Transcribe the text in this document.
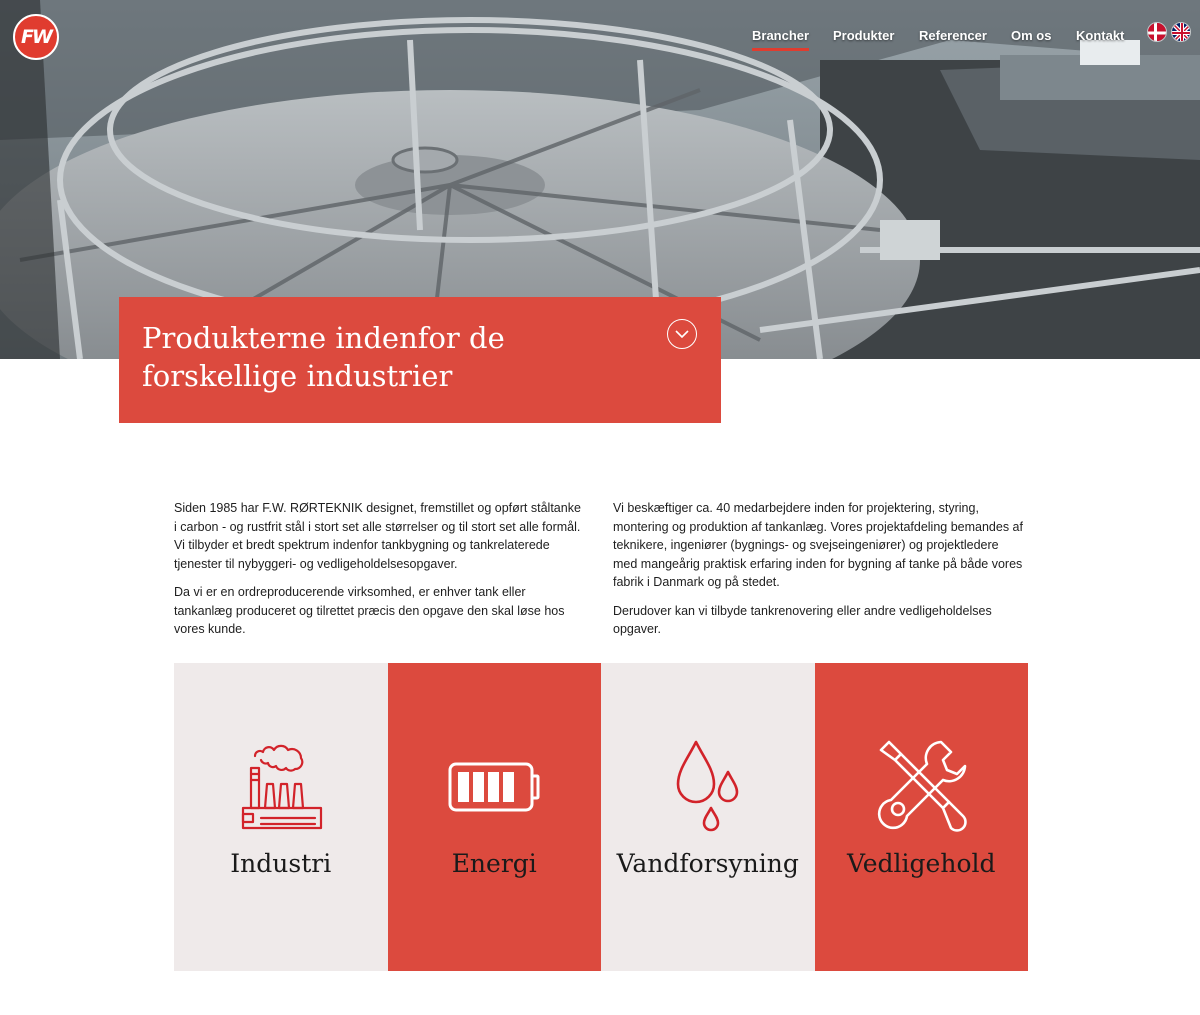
FW	Brancher Produkter Referencer Om os Kontakt
Produkterne indenfor de forskellige industrier

Siden 1985 har F.W. RØRTEKNIK designet, fremstillet og opført ståltanke i carbon - og rustfrit stål i stort set alle størrelser og til stort set alle formål. Vi tilbyder et bredt spektrum indenfor tankbygning og tankrelaterede tjenester til nybyggeri- og vedligeholdelsesopgaver.

Da vi er en ordreproducerende virksomhed, er enhver tank eller tankanlæg produceret og tilrettet præcis den opgave den skal løse hos vores kunde.

Vi beskæftiger ca. 40 medarbejdere inden for projektering, styring, montering og produktion af tankanlæg. Vores projektafdeling bemandes af teknikere, ingeniører (bygnings- og svejseingeniører) og projektledere med mangeårig praktisk erfaring inden for bygning af tanke på både vores fabrik i Danmark og på stedet.

Derudover kan vi tilbyde tankrenovering eller andre vedligeholdelses opgaver.

Industri	Energi	Vandforsyning	Vedligehold
